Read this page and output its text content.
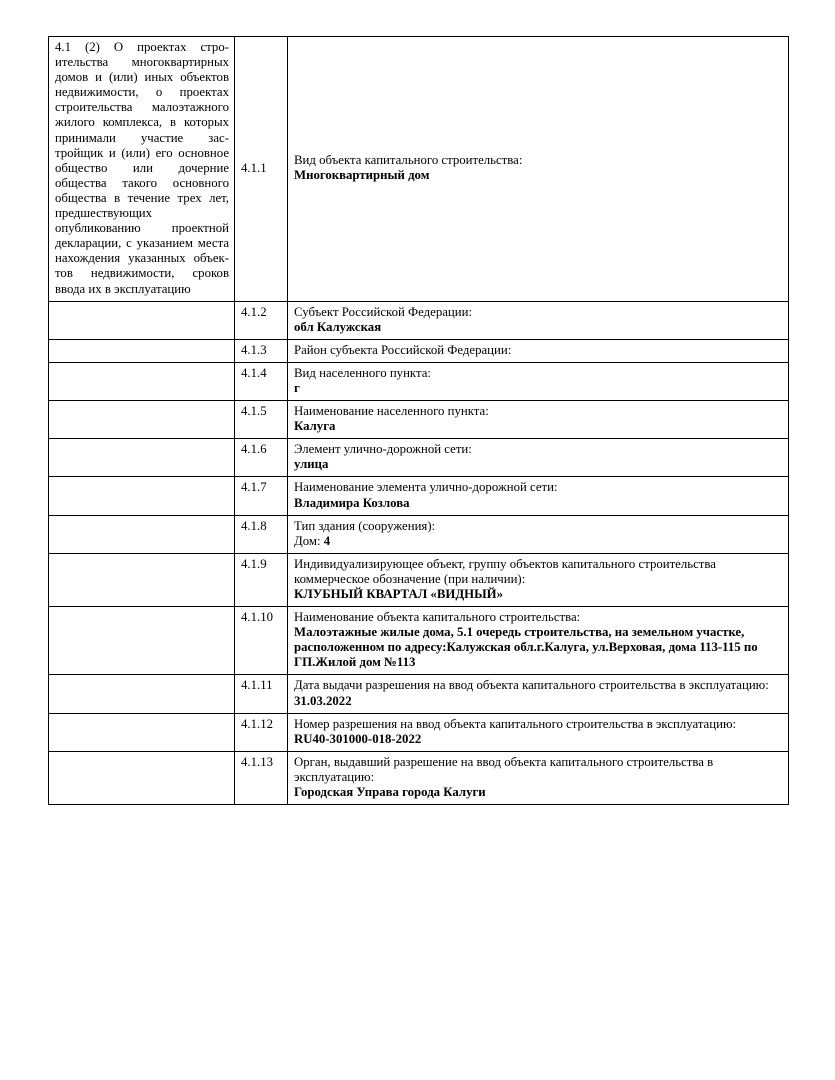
4.1 (2) О проектах строительства многоквартирных домов и (или) иных объектов недвижимости, о проектах строительства малоэтажного жилого комплекса, в которых принимали участие застройщик и (или) его основное общество или дочерние общества такого основного общества в течение трех лет, предшествующих опубликованию проектной декларации, с указанием места нахождения указанных объектов недвижимости, сроков ввода их в эксплуатацию	4.1.1	Вид объекта капитального строительства:
Многоквартирный дом

	4.1.2	Субъект Российской Федерации:
обл Калужская

	4.1.3	Район субъекта Российской Федерации:

	4.1.4	Вид населенного пункта:
г

	4.1.5	Наименование населенного пункта:
Калуга

	4.1.6	Элемент улично-дорожной сети:
улица

	4.1.7	Наименование элемента улично-дорожной сети:
Владимира Козлова

	4.1.8	Тип здания (сооружения):
Дом: 4

	4.1.9	Индивидуализирующее объект, группу объектов капитального строительства коммерческое обозначение (при наличии):
КЛУБНЫЙ КВАРТАЛ «ВИДНЫЙ»

	4.1.10	Наименование объекта капитального строительства:
Малоэтажные жилые дома, 5.1 очередь строительства, на земельном участке, расположенном по адресу:Калужская обл.г.Калуга, ул.Верховая, дома 113-115 по ГП.Жилой дом №113

	4.1.11	Дата выдачи разрешения на ввод объекта капитального строительства в эксплуатацию:
31.03.2022

	4.1.12	Номер разрешения на ввод объекта капитального строительства в эксплуатацию:
RU40-301000-018-2022

	4.1.13	Орган, выдавший разрешение на ввод объекта капитального строительства в эксплуатацию:
Городская Управа города Калуги
